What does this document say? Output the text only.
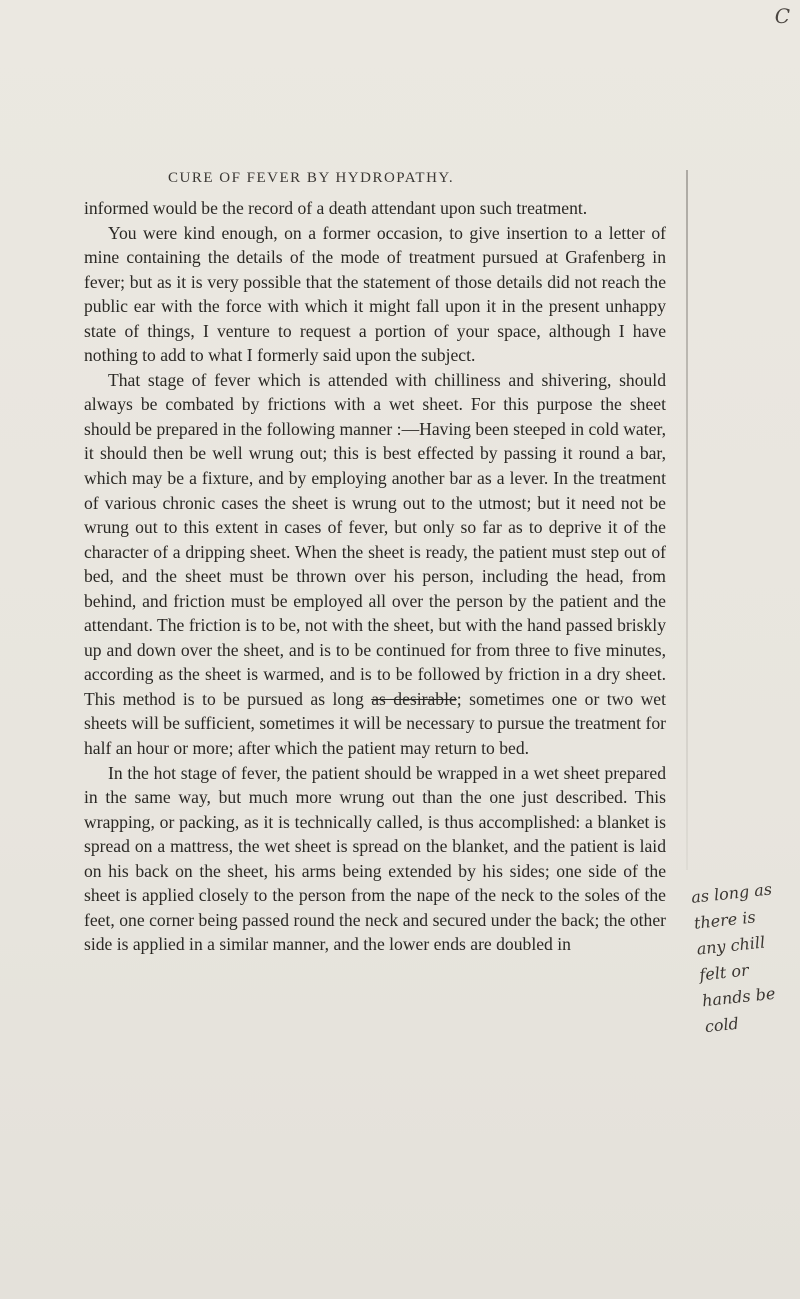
C
CURE OF FEVER BY HYDROPATHY.

informed would be the record of a death attendant upon such treatment.

You were kind enough, on a former occasion, to give insertion to a letter of mine containing the details of the mode of treatment pursued at Grafenberg in fever; but as it is very possible that the statement of those details did not reach the public ear with the force with which it might fall upon it in the present unhappy state of things, I venture to request a portion of your space, although I have nothing to add to what I formerly said upon the subject.

That stage of fever which is attended with chilliness and shivering, should always be combated by frictions with a wet sheet. For this purpose the sheet should be prepared in the following manner :—Having been steeped in cold water, it should then be well wrung out; this is best effected by passing it round a bar, which may be a fixture, and by employing another bar as a lever. In the treatment of various chronic cases the sheet is wrung out to the utmost; but it need not be wrung out to this extent in cases of fever, but only so far as to deprive it of the character of a dripping sheet. When the sheet is ready, the patient must step out of bed, and the sheet must be thrown over his person, including the head, from behind, and friction must be employed all over the person by the patient and the attendant. The friction is to be, not with the sheet, but with the hand passed briskly up and down over the sheet, and is to be continued for from three to five minutes, according as the sheet is warmed, and is to be followed by friction in a dry sheet. This method is to be pursued as long as desirable; sometimes one or two wet sheets will be sufficient, sometimes it will be necessary to pursue the treatment for half an hour or more; after which the patient may return to bed.

In the hot stage of fever, the patient should be wrapped in a wet sheet prepared in the same way, but much more wrung out than the one just described. This wrapping, or packing, as it is technically called, is thus accomplished: a blanket is spread on a mattress, the wet sheet is spread on the blanket, and the patient is laid on his back on the sheet, his arms being extended by his sides; one side of the sheet is applied closely to the person from the nape of the neck to the soles of the feet, one corner being passed round the neck and secured under the back; the other side is applied in a similar manner, and the lower ends are doubled in

as long as
there is
any chill
felt or
hands be
cold
